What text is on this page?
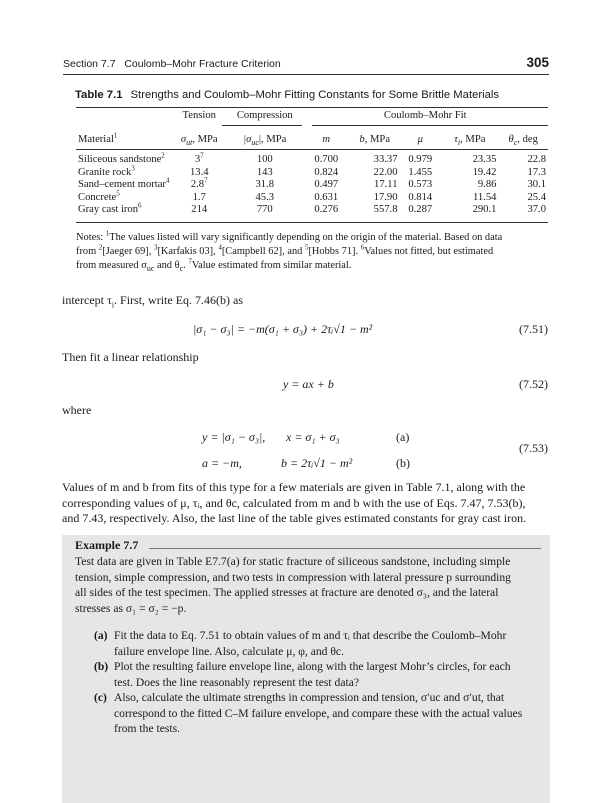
Section 7.7 Coulomb–Mohr Fracture Criterion	305
Table 7.1 Strengths and Coulomb–Mohr Fitting Constants for Some Brittle Materials
	Tension	Compression	Coulomb–Mohr Fit				
Material$^1$	$\sigma_{ut}$, MPa	$|\sigma_{uc}|$, MPa	m	b, MPa	μ	$\tau_i$, MPa	$\theta_c$, deg
Siliceous sandstone$^2$	$3^7$	100	0.700	33.37	0.979	23.35	22.8
Granite rock$^3$	13.4	143	0.824	22.00	1.455	19.42	17.3
Sand–cement mortar$^4$	$2.8^7$	31.8	0.497	17.11	0.573	9.86	30.1
Concrete$^5$	1.7	45.3	0.631	17.90	0.814	11.54	25.4
Gray cast iron$^6$	214	770	0.276	557.8	0.287	290.1	37.0
Notes: $^1$The values listed will vary significantly depending on the origin of the material. Based on data
from $^2$[Jaeger 69], $^3$[Karfakis 03], $^4$[Campbell 62], and $^5$[Hobbs 71]. $^6$Values not fitted, but estimated
from measured $\sigma_{uc}$ and $\theta_c$. $^7$Value estimated from similar material.
intercept $\tau_i$. First, write Eq. 7.46(b) as
|σ₁ − σ₃| = −m(σ₁ + σ₃) + 2τᵢ√1 − m²	(7.51)
Then fit a linear relationship
y = ax + b	(7.52)
where
y = |σ₁ − σ₃|, x = σ₁ + σ₃	(a)
a = −m,	b = 2τᵢ√1 − m²	(b)
(7.53)
Values of m and b from fits of this type for a few materials are given in Table 7.1, along with the
corresponding values of μ, τᵢ, and θc, calculated from m and b with the use of Eqs. 7.47, 7.53(b),
and 7.43, respectively. Also, the last line of the table gives estimated constants for gray cast iron.
Example 7.7
Test data are given in Table E7.7(a) for static fracture of siliceous sandstone, including simple
tension, simple compression, and two tests in compression with lateral pressure p surrounding
all sides of the test specimen. The applied stresses at fracture are denoted σ₃, and the lateral
stresses as σ₁ = σ₂ = −p.
(a) Fit the data to Eq. 7.51 to obtain values of m and τᵢ that describe the Coulomb–Mohr
failure envelope line. Also, calculate μ, φ, and θc.
(b) Plot the resulting failure envelope line, along with the largest Mohr’s circles, for each
test. Does the line reasonably represent the test data?
(c) Also, calculate the ultimate strengths in compression and tension, σ′uc and σ′ut, that
correspond to the fitted C–M failure envelope, and compare these with the actual values
from the tests.
